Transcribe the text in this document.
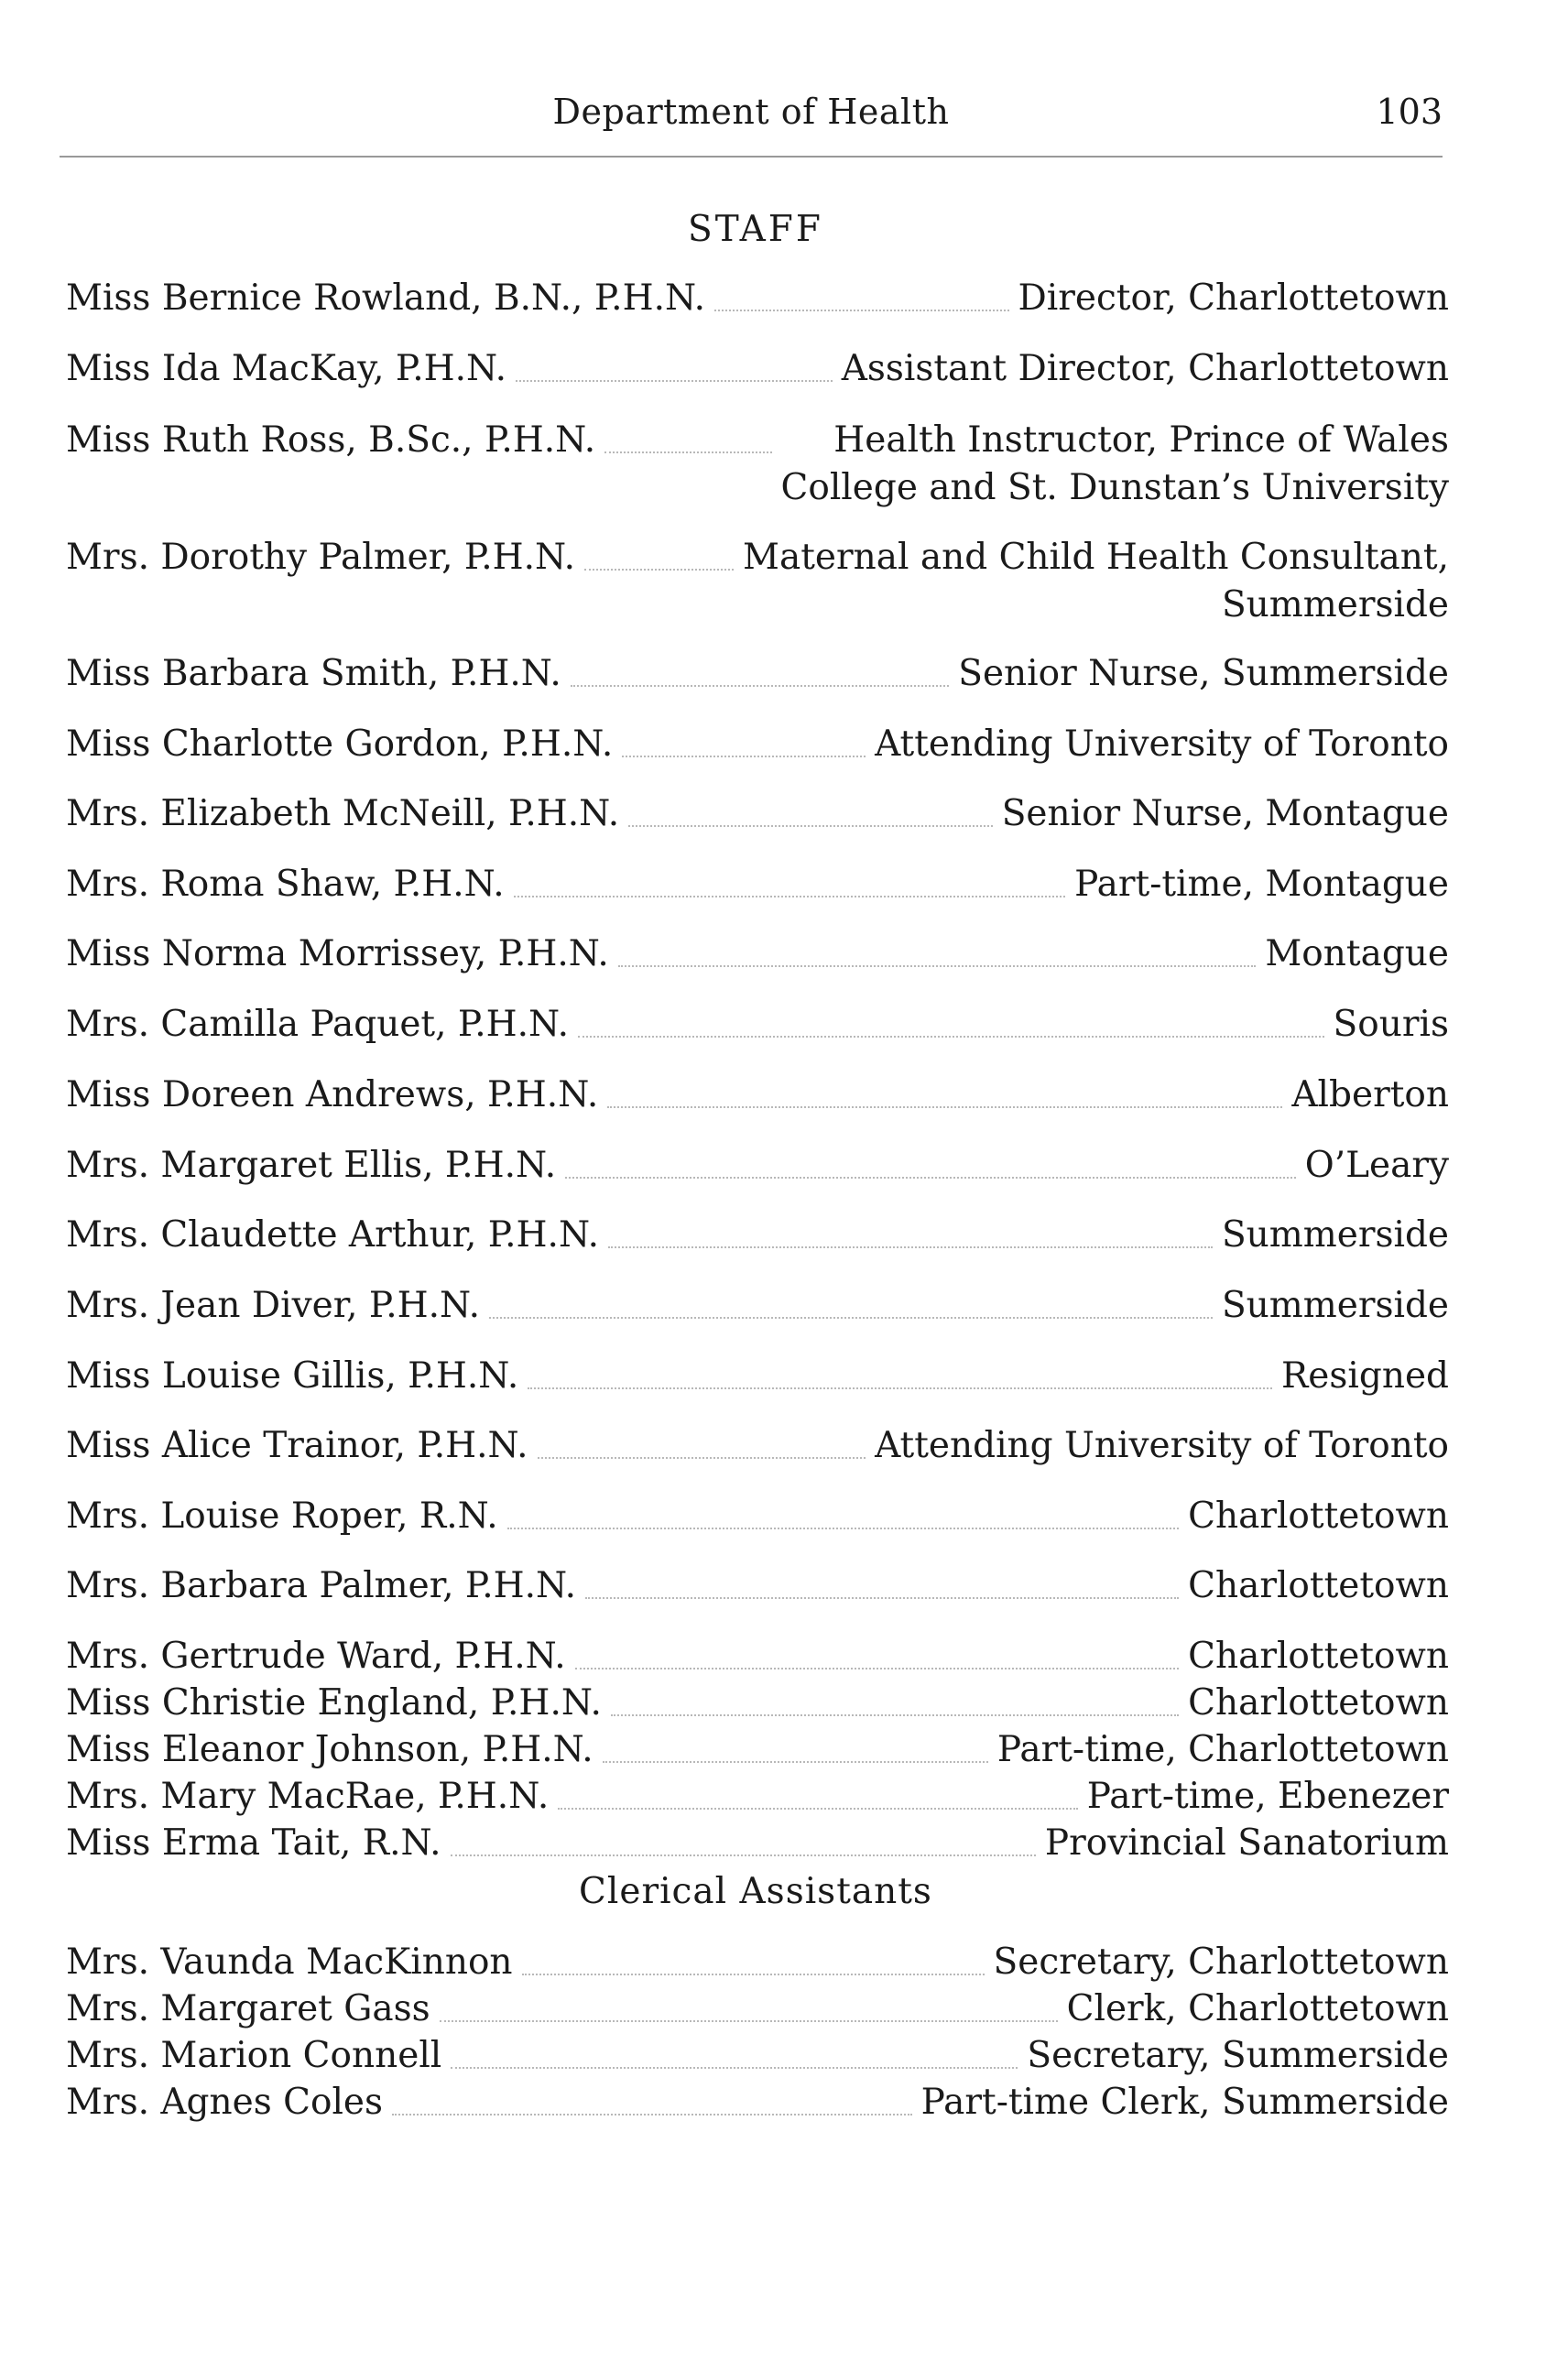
Department of Health	103
STAFF
Miss Bernice Rowland, B.N., P.H.N.	Director, Charlottetown
Miss Ida MacKay, P.H.N.	Assistant Director, Charlottetown
Miss Ruth Ross, B.Sc., P.H.N.	Health Instructor, Prince of Wales
College and St. Dunstan’s University
Mrs. Dorothy Palmer, P.H.N.	Maternal and Child Health Consultant,
Summerside
Miss Barbara Smith, P.H.N.	Senior Nurse, Summerside
Miss Charlotte Gordon, P.H.N.	Attending University of Toronto
Mrs. Elizabeth McNeill, P.H.N.	Senior Nurse, Montague
Mrs. Roma Shaw, P.H.N.	Part-time, Montague
Miss Norma Morrissey, P.H.N.	Montague
Mrs. Camilla Paquet, P.H.N.	Souris
Miss Doreen Andrews, P.H.N.	Alberton
Mrs. Margaret Ellis, P.H.N.	O’Leary
Mrs. Claudette Arthur, P.H.N.	Summerside
Mrs. Jean Diver, P.H.N.	Summerside
Miss Louise Gillis, P.H.N.	Resigned
Miss Alice Trainor, P.H.N.	Attending University of Toronto
Mrs. Louise Roper, R.N.	Charlottetown
Mrs. Barbara Palmer, P.H.N.	Charlottetown
Mrs. Gertrude Ward, P.H.N.	Charlottetown
Miss Christie England, P.H.N.	Charlottetown
Miss Eleanor Johnson, P.H.N.	Part-time, Charlottetown
Mrs. Mary MacRae, P.H.N.	Part-time, Ebenezer
Miss Erma Tait, R.N.	Provincial Sanatorium
Clerical Assistants
Mrs. Vaunda MacKinnon	Secretary, Charlottetown
Mrs. Margaret Gass	Clerk, Charlottetown
Mrs. Marion Connell	Secretary, Summerside
Mrs. Agnes Coles	Part-time Clerk, Summerside
